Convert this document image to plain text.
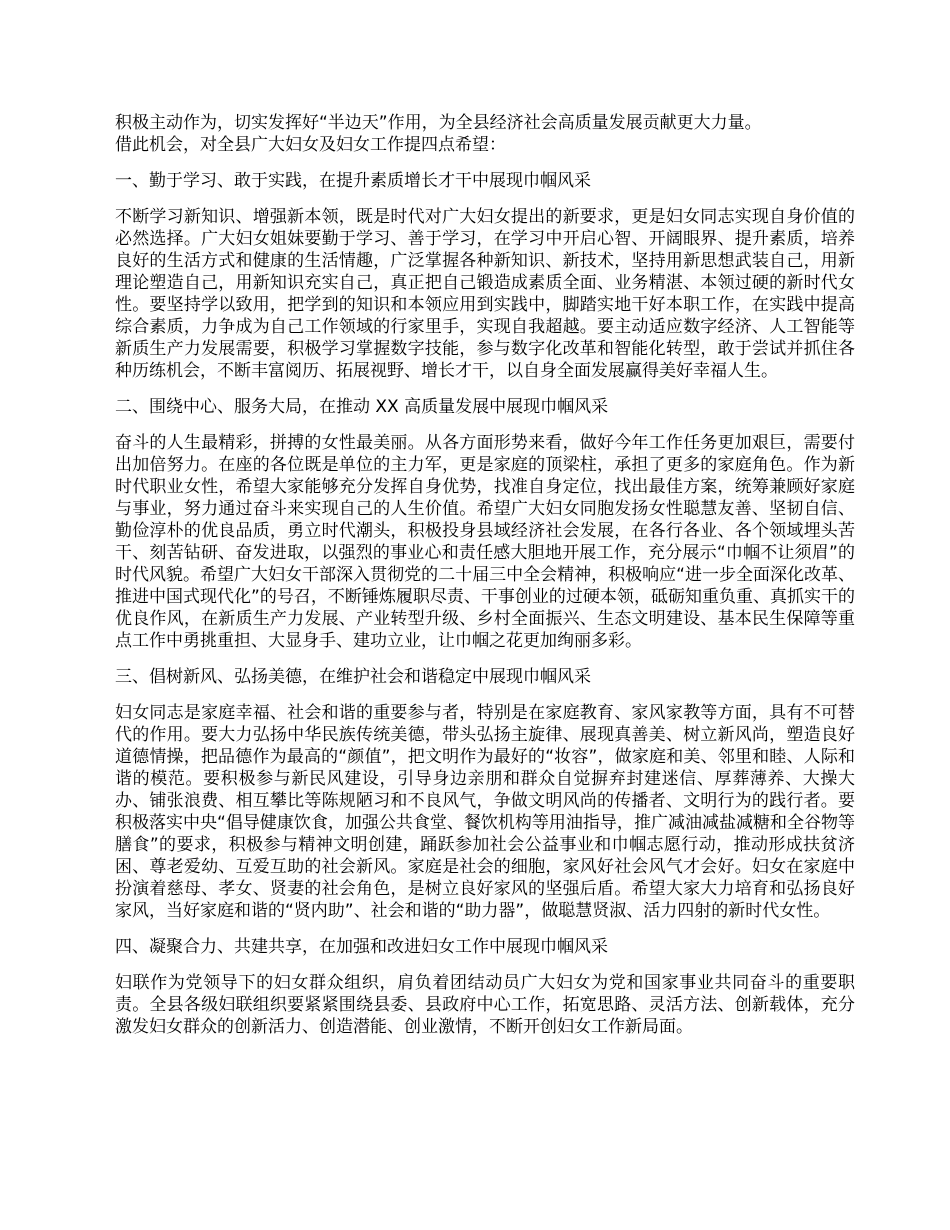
积极主动作为，切实发挥好“半边天”作用，为全县经济社会高质量发展贡献更大力量。

借此机会，对全县广大妇女及妇女工作提四点希望：

一、勤于学习、敢于实践，在提升素质增长才干中展现巾帼风采

不断学习新知识、增强新本领，既是时代对广大妇女提出的新要求，更是妇女同志实现自身价值的必然选择。广大妇女姐妹要勤于学习、善于学习，在学习中开启心智、开阔眼界、提升素质，培养良好的生活方式和健康的生活情趣，广泛掌握各种新知识、新技术，坚持用新思想武装自己，用新理论塑造自己，用新知识充实自己，真正把自己锻造成素质全面、业务精湛、本领过硬的新时代女性。要坚持学以致用，把学到的知识和本领应用到实践中，脚踏实地干好本职工作，在实践中提高综合素质，力争成为自己工作领域的行家里手，实现自我超越。要主动适应数字经济、人工智能等新质生产力发展需要，积极学习掌握数字技能，参与数字化改革和智能化转型，敢于尝试并抓住各种历练机会，不断丰富阅历、拓展视野、增长才干，以自身全面发展赢得美好幸福人生。

二、围绕中心、服务大局，在推动 XX 高质量发展中展现巾帼风采

奋斗的人生最精彩，拼搏的女性最美丽。从各方面形势来看，做好今年工作任务更加艰巨，需要付出加倍努力。在座的各位既是单位的主力军，更是家庭的顶梁柱，承担了更多的家庭角色。作为新时代职业女性，希望大家能够充分发挥自身优势，找准自身定位，找出最佳方案，统筹兼顾好家庭与事业，努力通过奋斗来实现自己的人生价值。希望广大妇女同胞发扬女性聪慧友善、坚韧自信、勤俭淳朴的优良品质，勇立时代潮头，积极投身县域经济社会发展，在各行各业、各个领域埋头苦干、刻苦钻研、奋发进取，以强烈的事业心和责任感大胆地开展工作，充分展示“巾帼不让须眉”的时代风貌。希望广大妇女干部深入贯彻党的二十届三中全会精神，积极响应“进一步全面深化改革、推进中国式现代化”的号召，不断锤炼履职尽责、干事创业的过硬本领，砥砺知重负重、真抓实干的优良作风，在新质生产力发展、产业转型升级、乡村全面振兴、生态文明建设、基本民生保障等重点工作中勇挑重担、大显身手、建功立业，让巾帼之花更加绚丽多彩。

三、倡树新风、弘扬美德，在维护社会和谐稳定中展现巾帼风采

妇女同志是家庭幸福、社会和谐的重要参与者，特别是在家庭教育、家风家教等方面，具有不可替代的作用。要大力弘扬中华民族传统美德，带头弘扬主旋律、展现真善美、树立新风尚，塑造良好道德情操，把品德作为最高的“颜值”，把文明作为最好的“妆容”，做家庭和美、邻里和睦、人际和谐的模范。要积极参与新民风建设，引导身边亲朋和群众自觉摒弃封建迷信、厚葬薄养、大操大办、铺张浪费、相互攀比等陈规陋习和不良风气，争做文明风尚的传播者、文明行为的践行者。要积极落实中央“倡导健康饮食，加强公共食堂、餐饮机构等用油指导，推广减油减盐减糖和全谷物等膳食”的要求，积极参与精神文明创建，踊跃参加社会公益事业和巾帼志愿行动，推动形成扶贫济困、尊老爱幼、互爱互助的社会新风。家庭是社会的细胞，家风好社会风气才会好。妇女在家庭中扮演着慈母、孝女、贤妻的社会角色，是树立良好家风的坚强后盾。希望大家大力培育和弘扬良好家风，当好家庭和谐的“贤内助”、社会和谐的“助力器”，做聪慧贤淑、活力四射的新时代女性。

四、凝聚合力、共建共享，在加强和改进妇女工作中展现巾帼风采

妇联作为党领导下的妇女群众组织，肩负着团结动员广大妇女为党和国家事业共同奋斗的重要职责。全县各级妇联组织要紧紧围绕县委、县政府中心工作，拓宽思路、灵活方法、创新载体，充分激发妇女群众的创新活力、创造潜能、创业激情，不断开创妇女工作新局面。
